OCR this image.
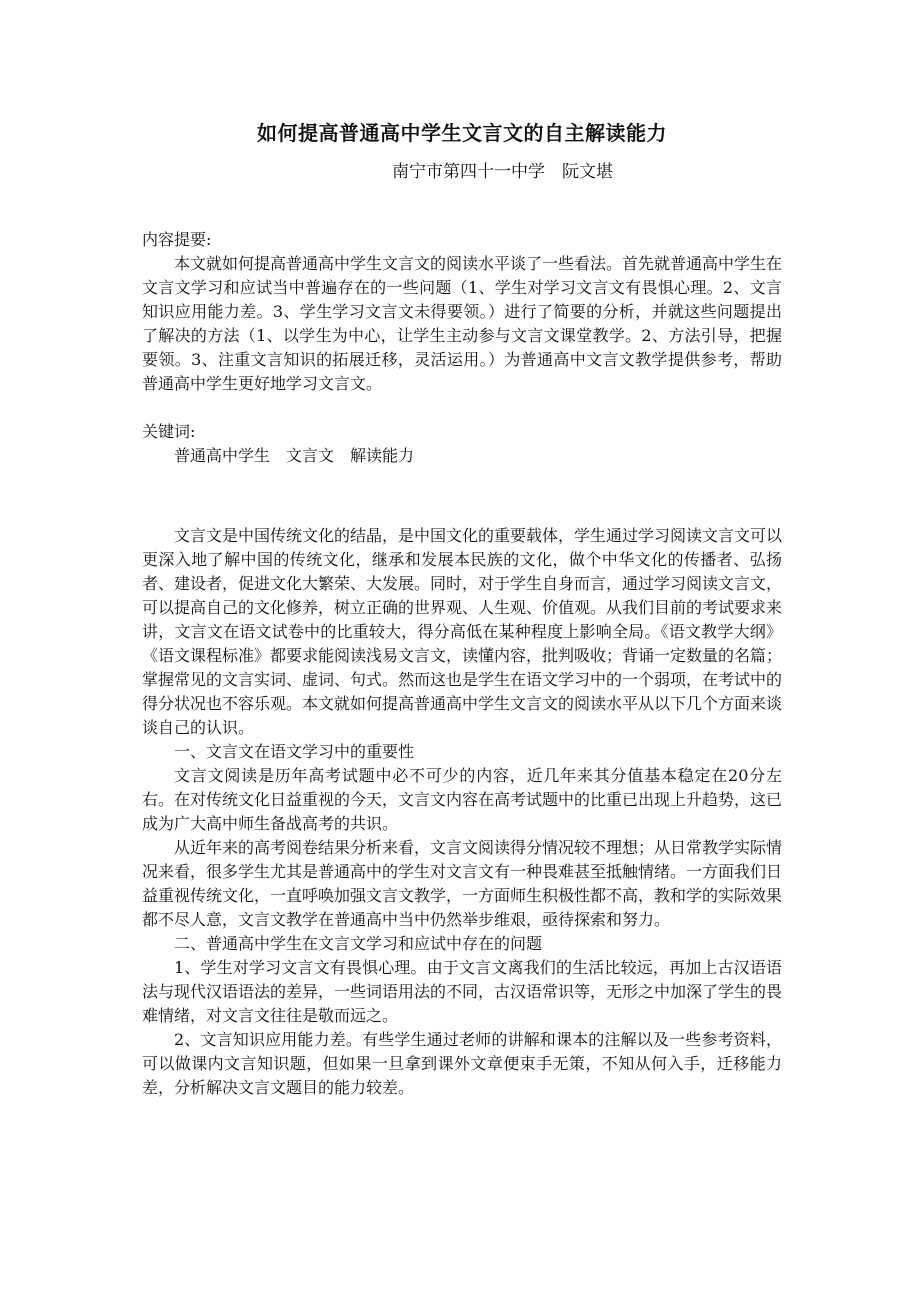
如何提高普通高中学生文言文的自主解读能力

南宁市第四十一中学　阮文堪

内容提要:

本文就如何提高普通高中学生文言文的阅读水平谈了一些看法。首先就普通高中学生在文言文学习和应试当中普遍存在的一些问题（1、学生对学习文言文有畏惧心理。2、文言知识应用能力差。3、学生学习文言文未得要领。）进行了简要的分析，并就这些问题提出了解决的方法（1、以学生为中心，让学生主动参与文言文课堂教学。2、方法引导，把握要领。3、注重文言知识的拓展迁移，灵活运用。）为普通高中文言文教学提供参考，帮助普通高中学生更好地学习文言文。

关键词:

普通高中学生　文言文　解读能力

文言文是中国传统文化的结晶，是中国文化的重要载体，学生通过学习阅读文言文可以更深入地了解中国的传统文化，继承和发展本民族的文化，做个中华文化的传播者、弘扬者、建设者，促进文化大繁荣、大发展。同时，对于学生自身而言，通过学习阅读文言文，可以提高自己的文化修养，树立正确的世界观、人生观、价值观。从我们目前的考试要求来讲，文言文在语文试卷中的比重较大，得分高低在某种程度上影响全局。《语文教学大纲》《语文课程标准》都要求能阅读浅易文言文，读懂内容，批判吸收；背诵一定数量的名篇；掌握常见的文言实词、虚词、句式。然而这也是学生在语文学习中的一个弱项，在考试中的得分状况也不容乐观。本文就如何提高普通高中学生文言文的阅读水平从以下几个方面来谈谈自己的认识。

一、文言文在语文学习中的重要性

文言文阅读是历年高考试题中必不可少的内容，近几年来其分值基本稳定在20分左右。在对传统文化日益重视的今天，文言文内容在高考试题中的比重已出现上升趋势，这已成为广大高中师生备战高考的共识。

从近年来的高考阅卷结果分析来看，文言文阅读得分情况较不理想；从日常教学实际情况来看，很多学生尤其是普通高中的学生对文言文有一种畏难甚至抵触情绪。一方面我们日益重视传统文化，一直呼唤加强文言文教学，一方面师生积极性都不高，教和学的实际效果都不尽人意，文言文教学在普通高中当中仍然举步维艰，亟待探索和努力。

二、普通高中学生在文言文学习和应试中存在的问题

1、学生对学习文言文有畏惧心理。由于文言文离我们的生活比较远，再加上古汉语语法与现代汉语语法的差异，一些词语用法的不同，古汉语常识等，无形之中加深了学生的畏难情绪，对文言文往往是敬而远之。

2、文言知识应用能力差。有些学生通过老师的讲解和课本的注解以及一些参考资料，可以做课内文言知识题，但如果一旦拿到课外文章便束手无策，不知从何入手，迁移能力差，分析解决文言文题目的能力较差。
